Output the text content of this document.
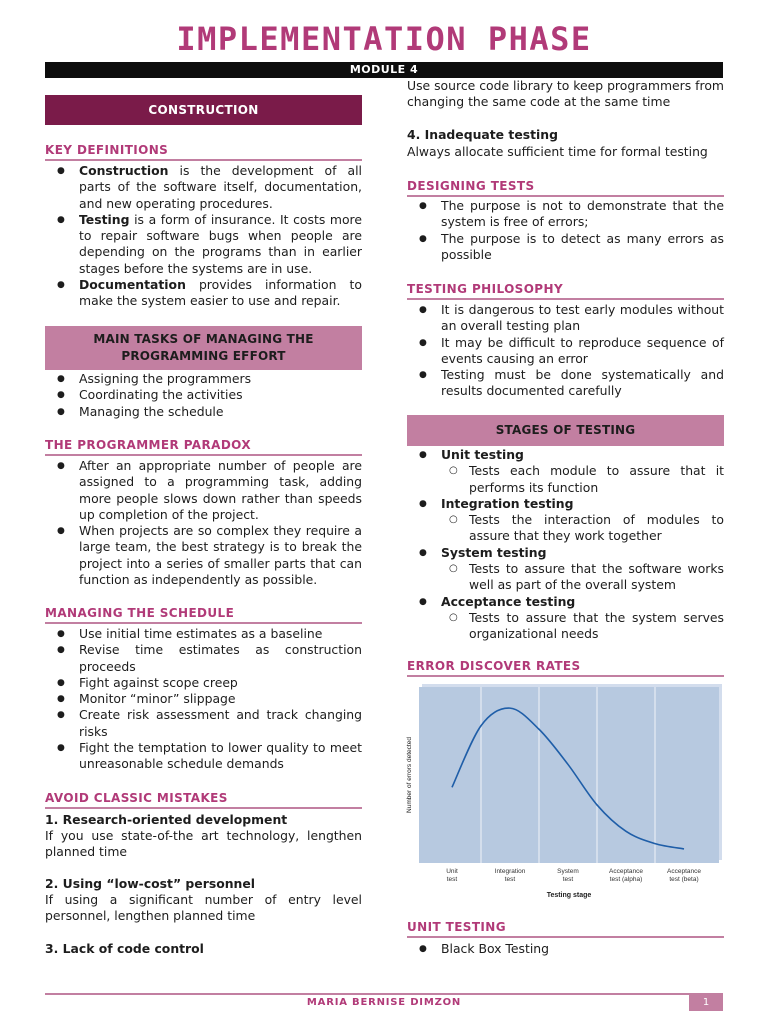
IMPLEMENTATION PHASE
MODULE 4
CONSTRUCTION
KEY DEFINITIONS
● Construction is the development of all parts of the software itself, documentation, and new operating procedures.
● Testing is a form of insurance. It costs more to repair software bugs when people are depending on the programs than in earlier stages before the systems are in use.
● Documentation provides information to make the system easier to use and repair.
MAIN TASKS OF MANAGING THE
PROGRAMMING EFFORT
● Assigning the programmers
● Coordinating the activities
● Managing the schedule
THE PROGRAMMER PARADOX
● After an appropriate number of people are assigned to a programming task, adding more people slows down rather than speeds up completion of the project.
● When projects are so complex they require a large team, the best strategy is to break the project into a series of smaller parts that can function as independently as possible.
MANAGING THE SCHEDULE
● Use initial time estimates as a baseline
● Revise time estimates as construction proceeds
● Fight against scope creep
● Monitor “minor” slippage
● Create risk assessment and track changing risks
● Fight the temptation to lower quality to meet unreasonable schedule demands
AVOID CLASSIC MISTAKES
1. Research-oriented development
If you use state-of-the art technology, lengthen planned time
2. Using “low-cost” personnel
If using a significant number of entry level personnel, lengthen planned time
3. Lack of code control
Use source code library to keep programmers from changing the same code at the same time
4. Inadequate testing
Always allocate sufficient time for formal testing
DESIGNING TESTS
● The purpose is not to demonstrate that the system is free of errors;
● The purpose is to detect as many errors as possible
TESTING PHILOSOPHY
● It is dangerous to test early modules without an overall testing plan
● It may be difficult to reproduce sequence of events causing an error
● Testing must be done systematically and results documented carefully
STAGES OF TESTING
● Unit testing
○ Tests each module to assure that it performs its function
● Integration testing
○ Tests the interaction of modules to assure that they work together
● System testing
○ Tests to assure that the software works well as part of the overall system
● Acceptance testing
○ Tests to assure that the system serves organizational needs
ERROR DISCOVER RATES
Number of errors detected
Unit
test
Integration
test
System
test
Acceptance
test (alpha)
Acceptance
test (beta)
Testing stage
UNIT TESTING
● Black Box Testing
MARIA BERNISE DIMZON	1
